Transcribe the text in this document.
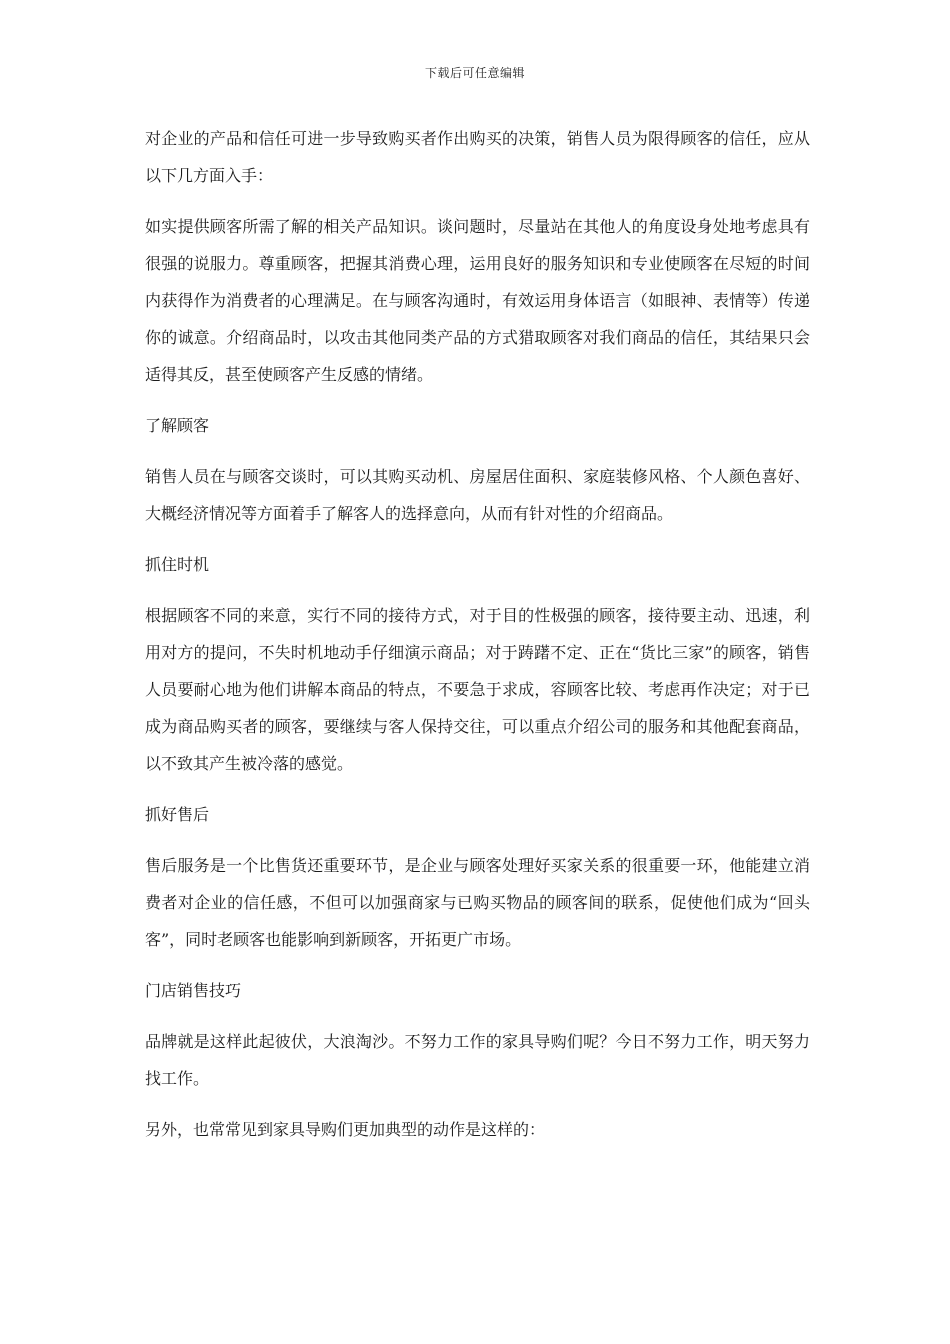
下载后可任意编辑

对企业的产品和信任可进一步导致购买者作出购买的决策，销售人员为限得顾客的信任，应从以下几方面入手：

如实提供顾客所需了解的相关产品知识。谈问题时，尽量站在其他人的角度设身处地考虑具有很强的说服力。尊重顾客，把握其消费心理，运用良好的服务知识和专业使顾客在尽短的时间内获得作为消费者的心理满足。在与顾客沟通时，有效运用身体语言（如眼神、表情等）传递你的诚意。介绍商品时，以攻击其他同类产品的方式猎取顾客对我们商品的信任，其结果只会适得其反，甚至使顾客产生反感的情绪。

了解顾客

销售人员在与顾客交谈时，可以其购买动机、房屋居住面积、家庭装修风格、个人颜色喜好、大概经济情况等方面着手了解客人的选择意向，从而有针对性的介绍商品。

抓住时机

根据顾客不同的来意，实行不同的接待方式，对于目的性极强的顾客，接待要主动、迅速，利用对方的提问，不失时机地动手仔细演示商品；对于踌躇不定、正在“货比三家”的顾客，销售人员要耐心地为他们讲解本商品的特点，不要急于求成，容顾客比较、考虑再作决定；对于已成为商品购买者的顾客，要继续与客人保持交往，可以重点介绍公司的服务和其他配套商品，以不致其产生被冷落的感觉。

抓好售后

售后服务是一个比售货还重要环节，是企业与顾客处理好买家关系的很重要一环，他能建立消费者对企业的信任感，不但可以加强商家与已购买物品的顾客间的联系，促使他们成为“回头客”，同时老顾客也能影响到新顾客，开拓更广市场。

门店销售技巧

品牌就是这样此起彼伏，大浪淘沙。不努力工作的家具导购们呢？今日不努力工作，明天努力找工作。

另外，也常常见到家具导购们更加典型的动作是这样的：
